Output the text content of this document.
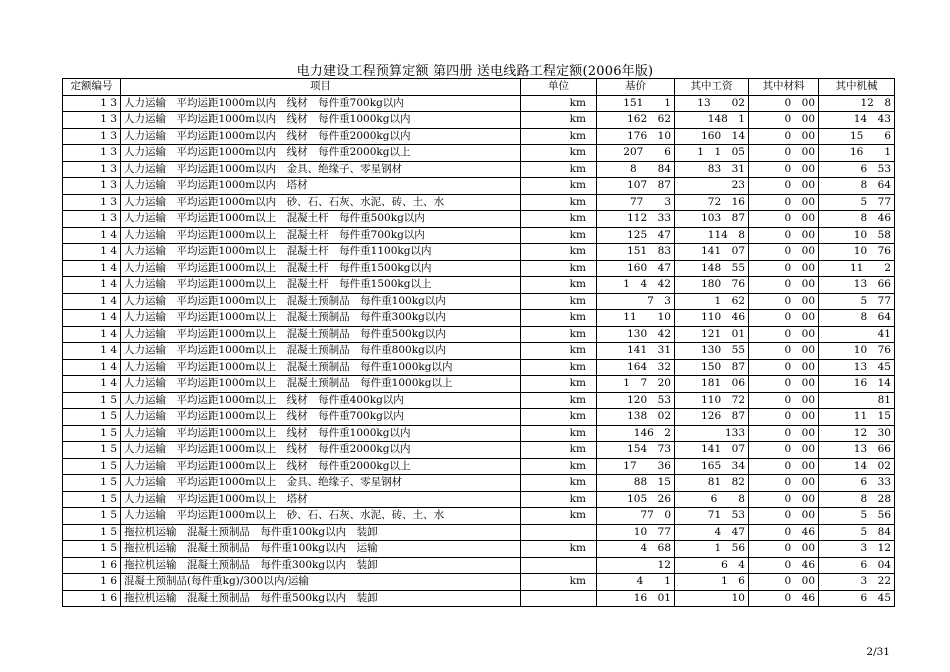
电力建设工程预算定额 第四册 送电线路工程定额(2006年版)
定额编号	项目	单位	基价	其中工资	其中材料	其中机械
1 3	人力运输　平均运距1000m以内　线材　每件重700kg以内	km	151　　1	13　　02	0　00	12　8
1 3	人力运输　平均运距1000m以内　线材　每件重1000kg以内	km	162　62	148　1	0　00	14　43
1 3	人力运输　平均运距1000m以内　线材　每件重2000kg以内	km	176　10	160　14	0　00	15　　6
1 3	人力运输　平均运距1000m以内　线材　每件重2000kg以上	km	207　　6	1　1　05	0　00	16　　1
1 3	人力运输　平均运距1000m以内　金具、绝缘子、零星钢材	km	8　　84	83　31	0　00	6　53
1 3	人力运输　平均运距1000m以内　塔材	km	107　87	23	0　00	8　64
1 3	人力运输　平均运距1000m以内　砂、石、石灰、水泥、砖、土、水	km	77　　3	72　16	0　00	5　77
1 3	人力运输　平均运距1000m以上　混凝土杆　每件重500kg以内	km	112　33	103　87	0　00	8　46
1 4	人力运输　平均运距1000m以上　混凝土杆　每件重700kg以内	km	125　47	114　8	0　00	10　58
1 4	人力运输　平均运距1000m以上　混凝土杆　每件重1100kg以内	km	151　83	141　07	0　00	10　76
1 4	人力运输　平均运距1000m以上　混凝土杆　每件重1500kg以内	km	160　47	148　55	0　00	11　　2
1 4	人力运输　平均运距1000m以上　混凝土杆　每件重1500kg以上	km	1　4　42	180　76	0　00	13　66
1 4	人力运输　平均运距1000m以上　混凝土预制品　每件重100kg以内	km	7　3	1　62	0　00	5　77
1 4	人力运输　平均运距1000m以上　混凝土预制品　每件重300kg以内	km	11　　10	110　46	0　00	8　64
1 4	人力运输　平均运距1000m以上　混凝土预制品　每件重500kg以内	km	130　42	121　01	0　00	41
1 4	人力运输　平均运距1000m以上　混凝土预制品　每件重800kg以内	km	141　31	130　55	0　00	10　76
1 4	人力运输　平均运距1000m以上　混凝土预制品　每件重1000kg以内	km	164　32	150　87	0　00	13　45
1 4	人力运输　平均运距1000m以上　混凝土预制品　每件重1000kg以上	km	1　7　20	181　06	0　00	16　14
1 5	人力运输　平均运距1000m以上　线材　每件重400kg以内	km	120　53	110　72	0　00	81
1 5	人力运输　平均运距1000m以上　线材　每件重700kg以内	km	138　02	126　87	0　00	11　15
1 5	人力运输　平均运距1000m以上　线材　每件重1000kg以内	km	146　2	133	0　00	12　30
1 5	人力运输　平均运距1000m以上　线材　每件重2000kg以内	km	154　73	141　07	0　00	13　66
1 5	人力运输　平均运距1000m以上　线材　每件重2000kg以上	km	17　　36	165　34	0　00	14　02
1 5	人力运输　平均运距1000m以上　金具、绝缘子、零星钢材	km	88　15	81　82	0　00	6　33
1 5	人力运输　平均运距1000m以上　塔材	km	105　26	6　　8	0　00	8　28
1 5	人力运输　平均运距1000m以上　砂、石、石灰、水泥、砖、土、水	km	77　0	71　53	0　00	5　56
1 5	拖拉机运输　混凝土预制品　每件重100kg以内　装卸		10　77	4　47	0　46	5　84
1 5	拖拉机运输　混凝土预制品　每件重100kg以内　运输	km	4　68	1　56	0　00	3　12
1 6	拖拉机运输　混凝土预制品　每件重300kg以内　装卸		12	6　4	0　46	6　04
1 6	混凝土预制品(每件重kg)/300以内/运输	km	4　　1	1　6	0　00	3　22
1 6	拖拉机运输　混凝土预制品　每件重500kg以内　装卸		16　01	10	0　46	6　45
2/31
